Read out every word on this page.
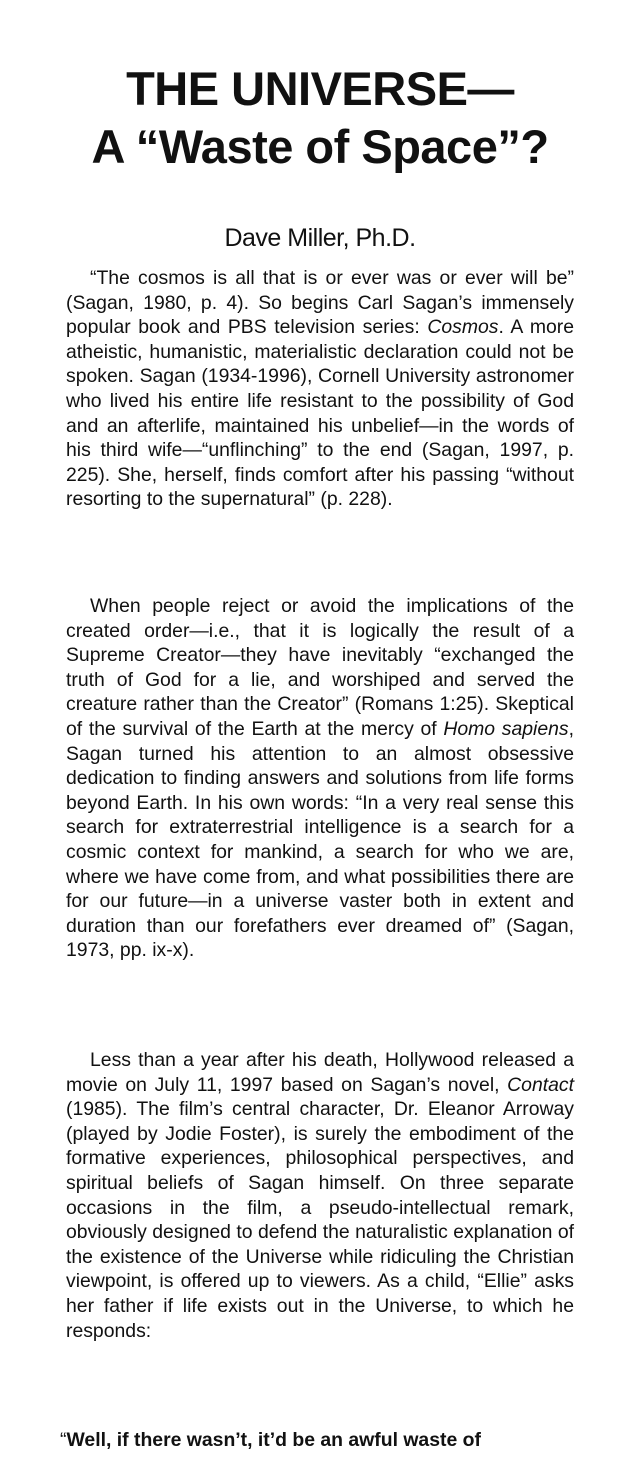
THE UNIVERSE—
A “Waste of Space”?
Dave Miller, Ph.D.

“The cosmos is all that is or ever was or ever will be” (Sagan, 1980, p. 4). So begins Carl Sagan’s immensely popular book and PBS television series: Cosmos. A more atheistic, humanistic, materialistic declaration could not be spoken. Sagan (1934-1996), Cornell University astronomer who lived his entire life resistant to the possibility of God and an afterlife, maintained his unbelief—in the words of his third wife—“unflinching” to the end (Sagan, 1997, p. 225). She, herself, finds comfort after his passing “without resorting to the supernatural” (p. 228).

When people reject or avoid the implications of the created order—i.e., that it is logically the result of a Supreme Creator—they have inevitably “exchanged the truth of God for a lie, and worshiped and served the creature rather than the Creator” (Romans 1:25). Skeptical of the survival of the Earth at the mercy of Homo sapiens, Sagan turned his attention to an almost obsessive dedication to finding answers and solutions from life forms beyond Earth. In his own words: “In a very real sense this search for extraterrestrial intelligence is a search for a cosmic context for mankind, a search for who we are, where we have come from, and what possibilities there are for our future—in a universe vaster both in extent and duration than our forefathers ever dreamed of” (Sagan, 1973, pp. ix-x).

Less than a year after his death, Hollywood released a movie on July 11, 1997 based on Sagan’s novel, Contact (1985). The film’s central character, Dr. Eleanor Arroway (played by Jodie Foster), is surely the embodiment of the formative experiences, philosophical perspectives, and spiritual beliefs of Sagan himself. On three separate occasions in the film, a pseudo-intellectual remark, obviously designed to defend the naturalistic explanation of the existence of the Universe while ridiculing the Christian viewpoint, is offered up to viewers. As a child, “Ellie” asks her father if life exists out in the Universe, to which he responds:

“Well, if there wasn’t, it’d be an awful waste of
